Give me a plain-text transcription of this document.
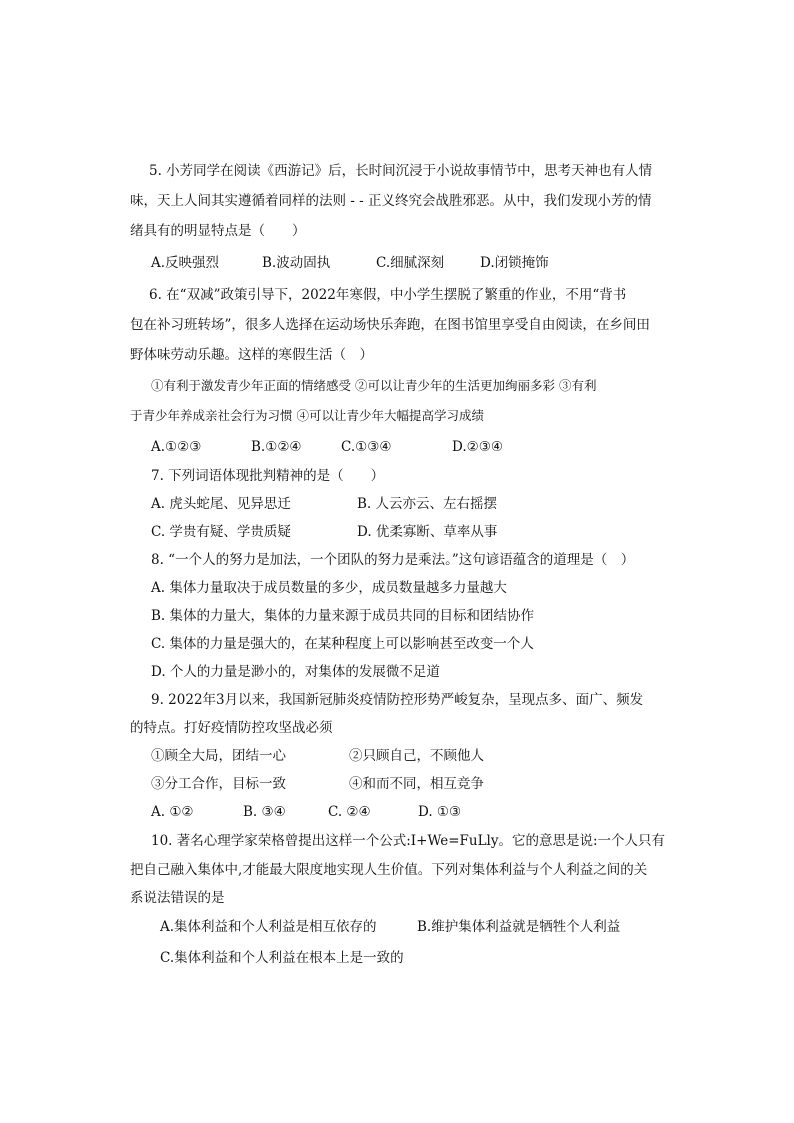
5. 小芳同学在阅读《西游记》后，长时间沉浸于小说故事情节中，思考天神也有人情
味，天上人间其实遵循着同样的法则 - - 正义终究会战胜邪恶。从中，我们发现小芳的情
绪具有的明显特点是（　　）
A.反映强烈	B.波动固执	C.细腻深刻	D.闭锁掩饰
6. 在“双减”政策引导下，2022年寒假，中小学生摆脱了繁重的作业，不用“背书
包在补习班转场”，很多人选择在运动场快乐奔跑，在图书馆里享受自由阅读，在乡间田
野体味劳动乐趣。这样的寒假生活（　）
①有利于激发青少年正面的情绪感受 ②可以让青少年的生活更加绚丽多彩 ③有利
于青少年养成亲社会行为习惯 ④可以让青少年大幅提高学习成绩
A.①②③	B.①②④	C.①③④	D.②③④
7. 下列词语体现批判精神的是（　　）
A. 虎头蛇尾、见异思迁	B. 人云亦云、左右摇摆
C. 学贵有疑、学贵质疑	D. 优柔寡断、草率从事
8. “一个人的努力是加法，一个团队的努力是乘法。”这句谚语蕴含的道理是（　）
A. 集体力量取决于成员数量的多少，成员数量越多力量越大
B. 集体的力量大，集体的力量来源于成员共同的目标和团结协作
C. 集体的力量是强大的，在某种程度上可以影响甚至改变一个人
D. 个人的力量是渺小的，对集体的发展微不足道
9. 2022年3月以来，我国新冠肺炎疫情防控形势严峻复杂，呈现点多、面广、频发
的特点。打好疫情防控攻坚战必须
①顾全大局，团结一心	②只顾自己，不顾他人
③分工合作，目标一致	④和而不同，相互竞争
A. ①②	B. ③④	C. ②④	D. ①③
10. 著名心理学家荣格曾提出这样一个公式:I+We=FuLly。它的意思是说:一个人只有
把自己融入集体中,才能最大限度地实现人生价值。下列对集体利益与个人利益之间的关
系说法错误的是
A.集体利益和个人利益是相互依存的	B.维护集体利益就是牺牲个人利益
C.集体利益和个人利益在根本上是一致的
